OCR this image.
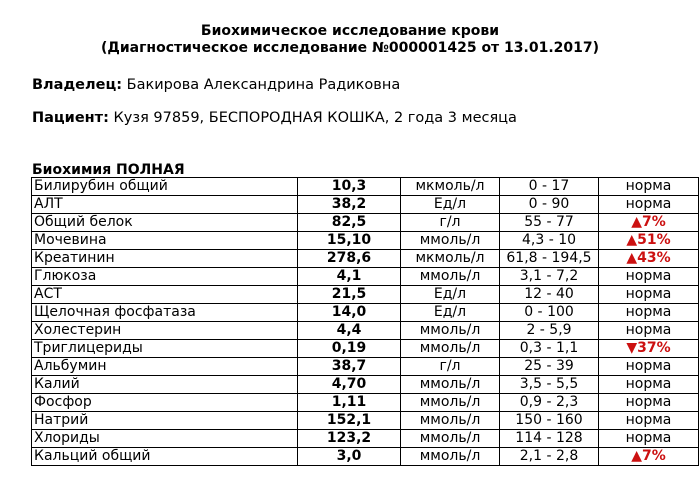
Биохимическое исследование крови
(Диагностическое исследование №000001425 от 13.01.2017)
Владелец: Бакирова Александрина Радиковна
Пациент: Кузя 97859, БЕСПОРОДНАЯ КОШКА, 2 года 3 месяца
Биохимия ПОЛНАЯ
Билирубин общий	10,3	мкмоль/л	0 - 17	норма
АЛТ	38,2	Ед/л	0 - 90	норма
Общий белок	82,5	г/л	55 - 77	▲7%
Мочевина	15,10	ммоль/л	4,3 - 10	▲51%
Креатинин	278,6	мкмоль/л	61,8 - 194,5	▲43%
Глюкоза	4,1	ммоль/л	3,1 - 7,2	норма
АСТ	21,5	Ед/л	12 - 40	норма
Щелочная фосфатаза	14,0	Ед/л	0 - 100	норма
Холестерин	4,4	ммоль/л	2 - 5,9	норма
Триглицериды	0,19	ммоль/л	0,3 - 1,1	▼37%
Альбумин	38,7	г/л	25 - 39	норма
Калий	4,70	ммоль/л	3,5 - 5,5	норма
Фосфор	1,11	ммоль/л	0,9 - 2,3	норма
Натрий	152,1	ммоль/л	150 - 160	норма
Хлориды	123,2	ммоль/л	114 - 128	норма
Кальций общий	3,0	ммоль/л	2,1 - 2,8	▲7%
